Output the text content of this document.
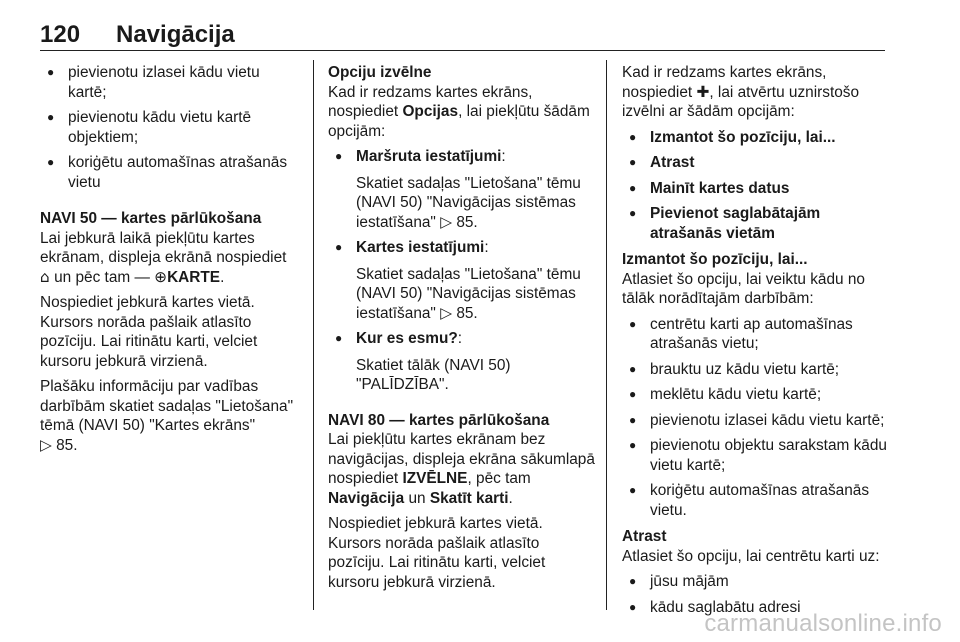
120 Navigācija
● pievienotu izlasei kādu vietu kartē;
● pievienotu kādu vietu kartē objektiem;
● koriģētu automašīnas atrašanās vietu

NAVI 50 — kartes pārlūkošana

Lai jebkurā laikā piekļūtu kartes ekrānam, displeja ekrānā nospiediet ⌂ un pēc tam — ⊕KARTE.

Nospiediet jebkurā kartes vietā. Kursors norāda pašlaik atlasīto pozīciju. Lai ritinātu karti, velciet kursoru jebkurā virzienā.

Plašāku informāciju par vadības darbībām skatiet sadaļas "Lietošana" tēmā (NAVI 50) "Kartes ekrāns"
▷ 85.

Opciju izvēlne

Kad ir redzams kartes ekrāns, nospiediet Opcijas, lai piekļūtu šādām opcijām:

● Maršruta iestatījumi:

Skatiet sadaļas "Lietošana" tēmu (NAVI 50) "Navigācijas sistēmas iestatīšana" ▷ 85.

● Kartes iestatījumi:

Skatiet sadaļas "Lietošana" tēmu (NAVI 50) "Navigācijas sistēmas iestatīšana" ▷ 85.

● Kur es esmu?:

Skatiet tālāk (NAVI 50) "PALĪDZĪBA".

NAVI 80 — kartes pārlūkošana

Lai piekļūtu kartes ekrānam bez navigācijas, displeja ekrāna sākumlapā nospiediet IZVĒLNE, pēc tam Navigācija un Skatīt karti.

Nospiediet jebkurā kartes vietā. Kursors norāda pašlaik atlasīto pozīciju. Lai ritinātu karti, velciet kursoru jebkurā virzienā.

Kad ir redzams kartes ekrāns, nospiediet ✚, lai atvērtu uznirstošo izvēlni ar šādām opcijām:

● Izmantot šo pozīciju, lai...
● Atrast
● Mainīt kartes datus
● Pievienot saglabātajām atrašanās vietām

Izmantot šo pozīciju, lai...

Atlasiet šo opciju, lai veiktu kādu no tālāk norādītajām darbībām:

● centrētu karti ap automašīnas atrašanās vietu;
● brauktu uz kādu vietu kartē;
● meklētu kādu vietu kartē;
● pievienotu izlasei kādu vietu kartē;
● pievienotu objektu sarakstam kādu vietu kartē;
● koriģētu automašīnas atrašanās vietu.

Atrast

Atlasiet šo opciju, lai centrētu karti uz:

● jūsu mājām
● kādu saglabātu adresi
carmanualsonline.info
